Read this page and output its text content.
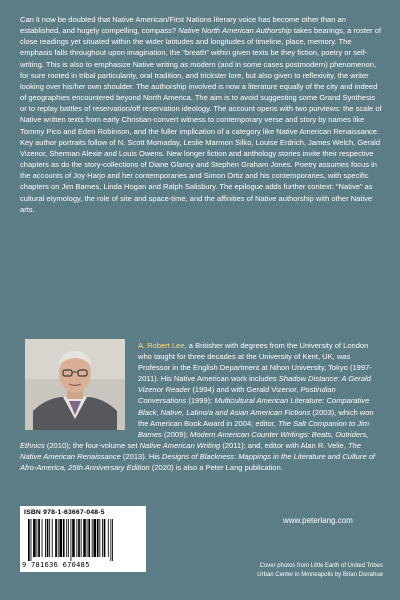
Can it now be doubted that Native American/First Nations literary voice has become other than an established, and hugely compelling, compass? Native North American Authorship takes bearings, a roster of close readings yet situated within the wider latitudes and longitudes of timeline, place, memory. The emphasis falls throughout upon imagination, the “breath” within given texts be they fiction, poetry or self-writing. This is also to emphasize Native writing as modern (and in some cases postmodern) phenomenon, for sure rooted in tribal particularity, oral tradition, and trickster lore, but also given to reflexivity, the writer looking over his/her own shoulder. The authorship involved is now a literature equally of the city and indeed of geographies encountered beyond North America. The aim is to avoid suggesting some Grand Synthesis or to replay battles of reservation/off reservation ideology. The account opens with two purviews: the scale of Native written texts from early Christian-convert witness to contemporary verse and story by names like Tommy Pico and Eden Robinson, and the fuller implication of a category like Native American Renaissance. Key author portraits follow of N. Scott Momaday, Leslie Marmon Silko, Louise Erdrich, James Welch, Gerald Vizenor, Sherman Alexie and Louis Owens. New longer fiction and anthology stories invite their respective chapters as do the story-collections of Diane Glancy and Stephen Graham Jones. Poetry assumes focus in the accounts of Joy Harjo and her contemporaries and Simon Ortiz and his contemporaries, with specific chapters on Jim Barnes, Linda Hogan and Ralph Salisbury. The epilogue adds further context: “Native” as cultural etymology, the role of site and space-time, and the affinities of Native authorship with other Native arts.

A. Robert Lee, a Britisher with degrees from the University of London who taught for three decades at the University of Kent, UK, was Professor in the English Department at Nihon University, Tokyo (1997-2011). His Native American work includes Shadow Distance: A Gerald Vizenor Reader (1994) and with Gerald Vizenor, Postindian Conversations (1999); Multicultural American Literature: Comparative Black, Native, Latino/a and Asian American Fictions (2003), which won the American Book Award in 2004; editor, The Salt Companion to Jim Barnes (2009); Modern American Counter Writings: Beats, Outriders, Ethnics (2010); the four-volume set Native American Writing (2011); and, editor with Alan R. Velie, The Native American Renaissance (2013). His Designs of Blackness: Mappings in the Literature and Culture of Afro-America, 25th Anniversary Edition (2020) is also a Peter Lang publication.

ISBN 978-1-63667-048-5
9 781636 670485
www.peterlang.com
Cover photos from Little Earth of United Tribes
Urban Center in Minneapolis by Brian Donahue
